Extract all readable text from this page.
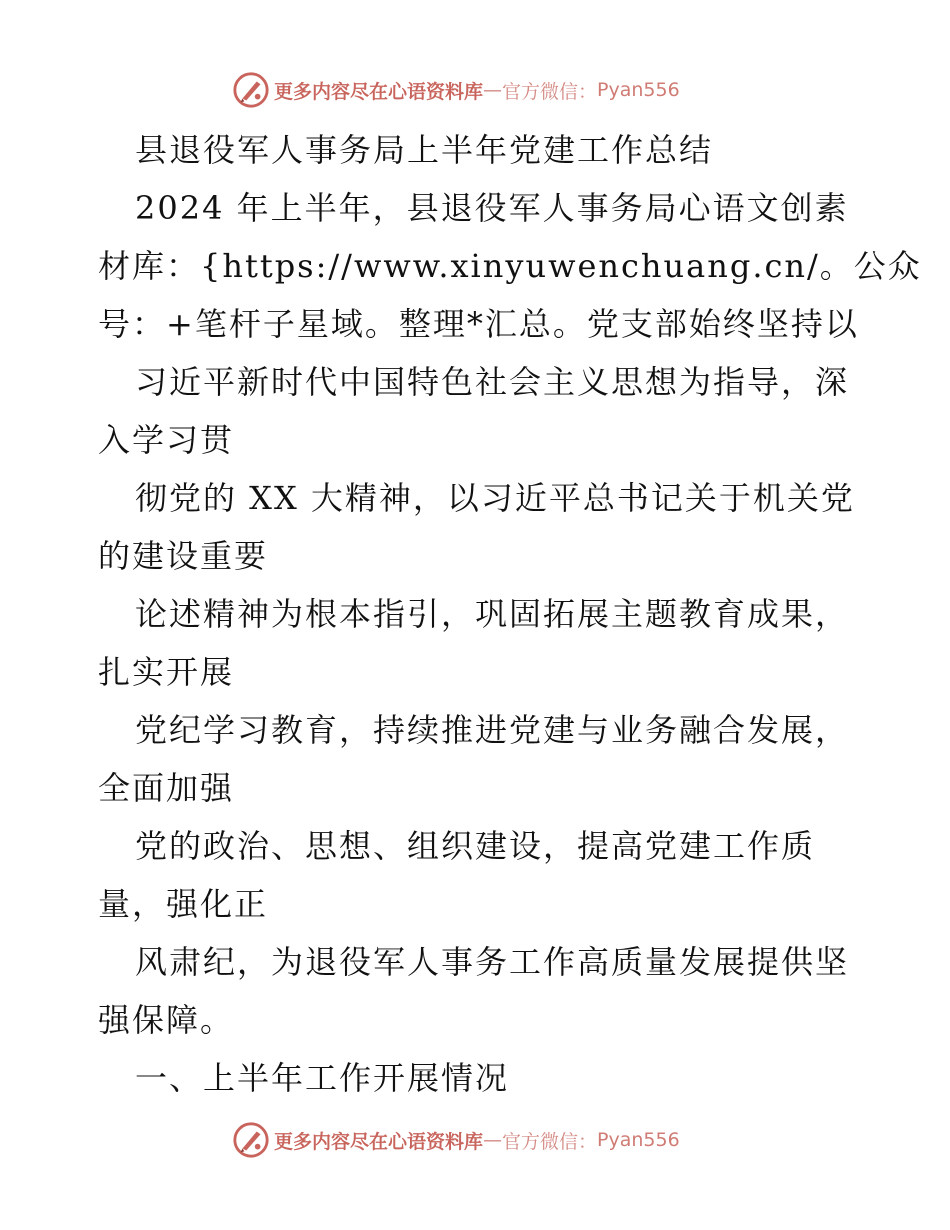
更多内容尽在心语资料库 — 官方微信： Pyan556

县退役军人事务局上半年党建工作总结

2024 年上半年，县退役军人事务局心语文创素
材库：{https://www.xinyuwenchuang.cn/。公众
号：+笔杆子星域。整理*汇总。党支部始终坚持以

习近平新时代中国特色社会主义思想为指导，深
入学习贯

彻党的 XX 大精神，以习近平总书记关于机关党
的建设重要

论述精神为根本指引，巩固拓展主题教育成果，
扎实开展

党纪学习教育，持续推进党建与业务融合发展，
全面加强

党的政治、思想、组织建设，提高党建工作质
量，强化正

风肃纪，为退役军人事务工作高质量发展提供坚
强保障。

一、上半年工作开展情况

更多内容尽在心语资料库 — 官方微信： Pyan556
